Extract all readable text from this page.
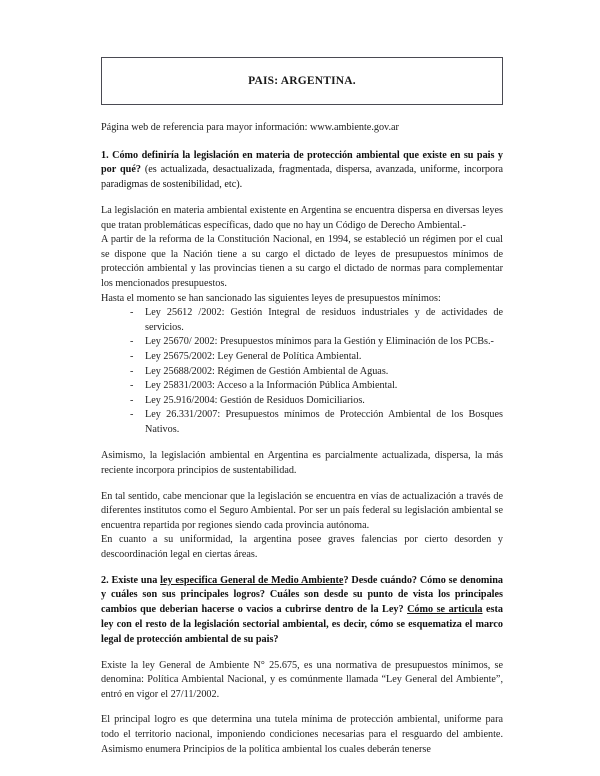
PAIS: ARGENTINA.

Página web de referencia para mayor información: www.ambiente.gov.ar

1. Cómo definiría la legislación en materia de protección ambiental que existe en su pais y por qué? (es actualizada, desactualizada, fragmentada, dispersa, avanzada, uniforme, incorpora paradigmas de sostenibilidad, etc).

La legislación en materia ambiental existente en Argentina se encuentra dispersa en diversas leyes que tratan problemáticas específicas, dado que no hay un Código de Derecho Ambiental.-

A partir de la reforma de la Constitución Nacional, en 1994, se estableció un régimen por el cual se dispone que la Nación tiene a su cargo el dictado de leyes de presupuestos mínimos de protección ambiental y las provincias tienen a su cargo el dictado de normas para complementar los mencionados presupuestos.

Hasta el momento se han sancionado las siguientes leyes de presupuestos mínimos:

- Ley 25612 /2002: Gestión Integral de residuos industriales y de actividades de servicios.
- Ley 25670/ 2002: Presupuestos mínimos para la Gestión y Eliminación de los PCBs.-
- Ley 25675/2002: Ley General de Política Ambiental.
- Ley 25688/2002: Régimen de Gestión Ambiental de Aguas.
- Ley 25831/2003: Acceso a la Información Pública Ambiental.
- Ley 25.916/2004: Gestión de Residuos Domiciliarios.
- Ley 26.331/2007: Presupuestos mínimos de Protección Ambiental de los Bosques Nativos.

Asimismo, la legislación ambiental en Argentina es parcialmente actualizada, dispersa, la más reciente incorpora principios de sustentabilidad.

En tal sentido, cabe mencionar que la legislación se encuentra en vías de actualización a través de diferentes institutos como el Seguro Ambiental. Por ser un país federal su legislación ambiental se encuentra repartida por regiones siendo cada provincia autónoma.

En cuanto a su uniformidad, la argentina posee graves falencias por cierto desorden y descoordinación legal en ciertas áreas.

2. Existe una ley especifica General de Medio Ambiente? Desde cuándo? Cómo se denomina y cuáles son sus principales logros? Cuáles son desde su punto de vista los principales cambios que deberian hacerse o vacios a cubrirse dentro de la Ley? Cómo se articula esta ley con el resto de la legislación sectorial ambiental, es decir, cómo se esquematiza el marco legal de protección ambiental de su pais?

Existe la ley General de Ambiente N° 25.675, es una normativa de presupuestos mínimos, se denomina: Política Ambiental Nacional, y es comúnmente llamada “Ley General del Ambiente”, entró en vigor el 27/11/2002.

El principal logro es que determina una tutela mínima de protección ambiental, uniforme para todo el territorio nacional, imponiendo condiciones necesarias para el resguardo del ambiente. Asimismo enumera Principios de la política ambiental los cuales deberán tenerse
